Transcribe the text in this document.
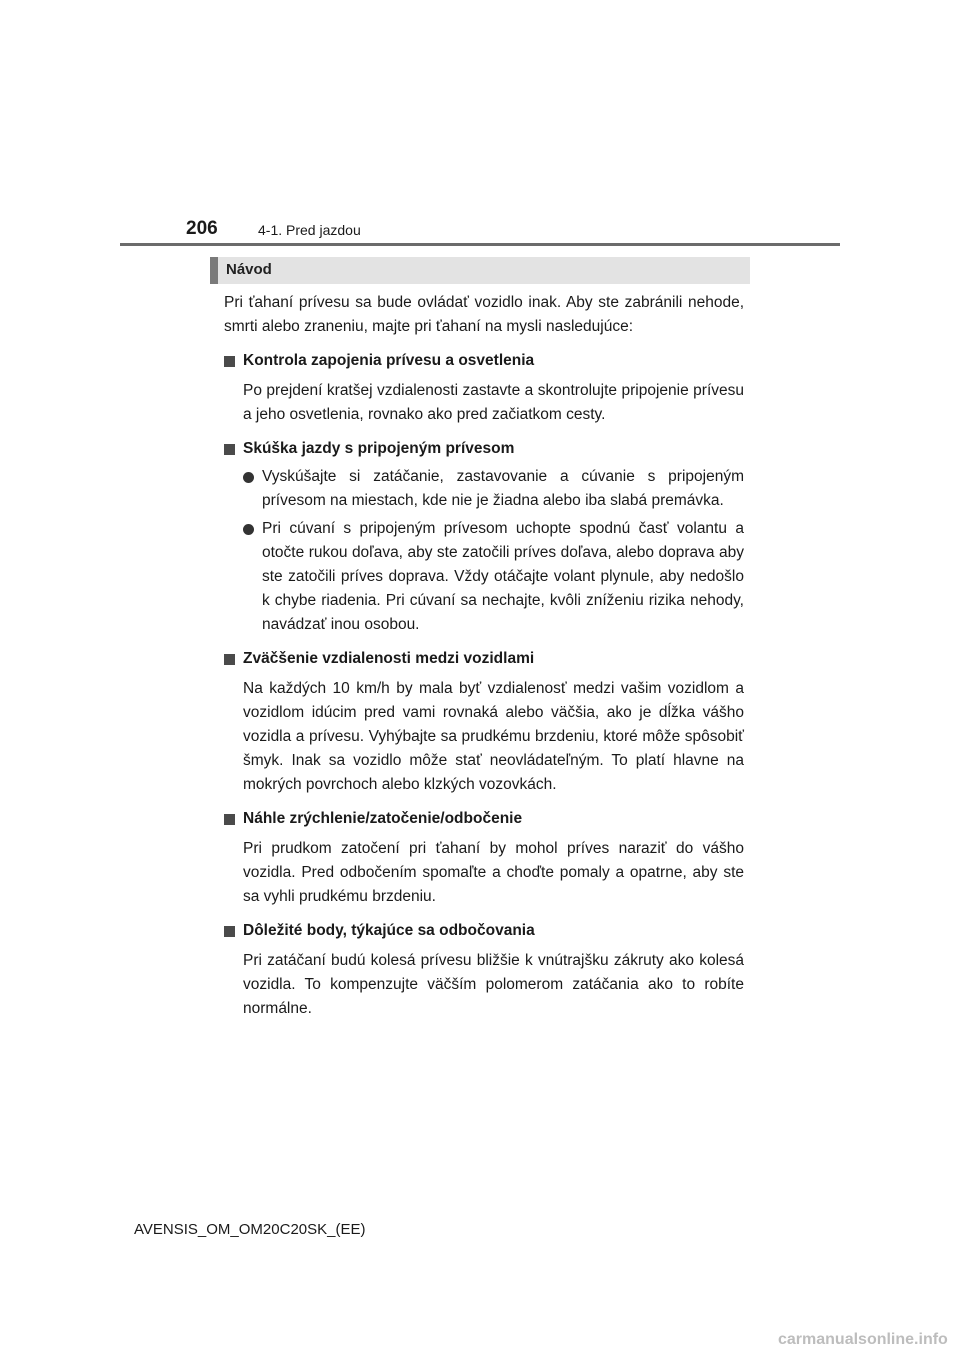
206	4-1. Pred jazdou
Návod

Pri ťahaní prívesu sa bude ovládať vozidlo inak. Aby ste zabránili nehode, smrti alebo zraneniu, majte pri ťahaní na mysli nasledujúce:

Kontrola zapojenia prívesu a osvetlenia
Po prejdení kratšej vzdialenosti zastavte a skontrolujte pripojenie prívesu a jeho osvetlenia, rovnako ako pred začiatkom cesty.
Skúška jazdy s pripojeným prívesom
Vyskúšajte si zatáčanie, zastavovanie a cúvanie s pripojeným prívesom na miestach, kde nie je žiadna alebo iba slabá premávka.
Pri cúvaní s pripojeným prívesom uchopte spodnú časť volantu a otočte rukou doľava, aby ste zatočili príves doľava, alebo doprava aby ste zatočili príves doprava. Vždy otáčajte volant plynule, aby nedošlo k chybe riadenia. Pri cúvaní sa nechajte, kvôli zníženiu rizika nehody, navádzať inou osobou.
Zväčšenie vzdialenosti medzi vozidlami
Na každých 10 km/h by mala byť vzdialenosť medzi vašim vozidlom a vozidlom idúcim pred vami rovnaká alebo väčšia, ako je dĺžka vášho vozidla a prívesu. Vyhýbajte sa prudkému brzdeniu, ktoré môže spôsobiť šmyk. Inak sa vozidlo môže stať neovládateľným. To platí hlavne na mokrých povrchoch alebo klzkých vozovkách.
Náhle zrýchlenie/zatočenie/odbočenie
Pri prudkom zatočení pri ťahaní by mohol príves naraziť do vášho vozidla. Pred odbočením spomaľte a choďte pomaly a opatrne, aby ste sa vyhli prudkému brzdeniu.
Dôležité body, týkajúce sa odbočovania
Pri zatáčaní budú kolesá prívesu bližšie k vnútrajšku zákruty ako kolesá vozidla. To kompenzujte väčším polomerom zatáčania ako to robíte normálne.
AVENSIS_OM_OM20C20SK_(EE)
carmanualsonline.info
